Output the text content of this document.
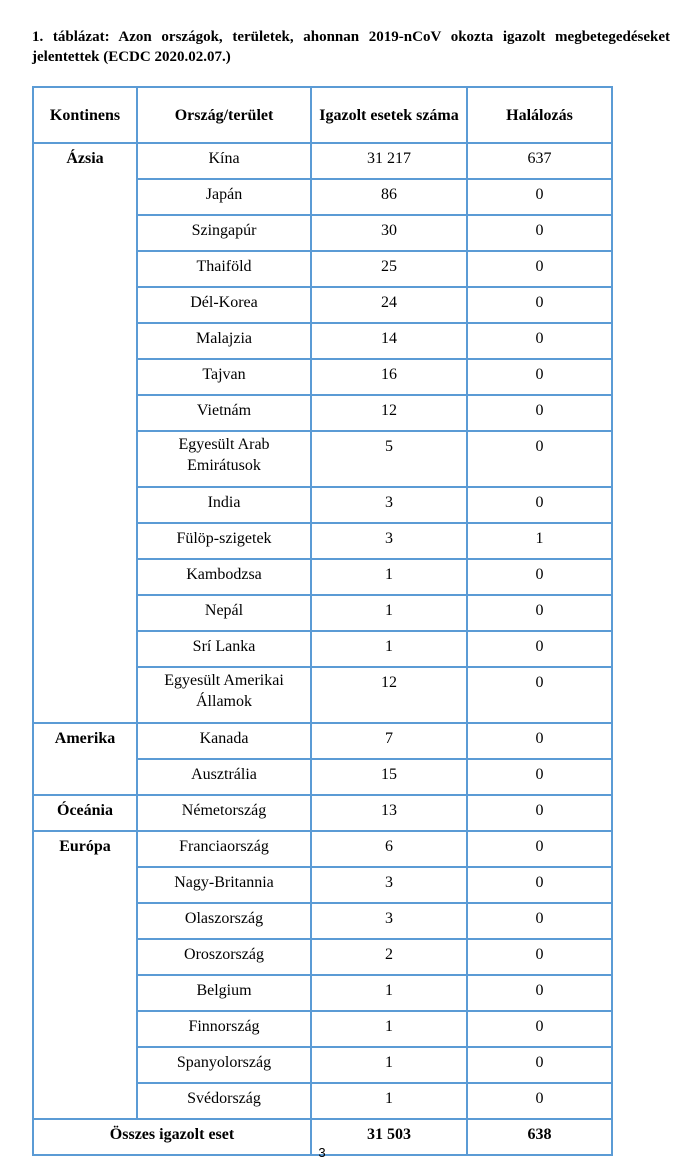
1. táblázat: Azon országok, területek, ahonnan 2019-nCoV okozta igazolt megbetegedéseket jelentettek (ECDC 2020.02.07.)
Kontinens	Ország/terület	Igazolt esetek száma	Halálozás
Ázsia	Kína	31 217	637
	Japán	86	0
	Szingapúr	30	0
	Thaiföld	25	0
	Dél-Korea	24	0
	Malajzia	14	0
	Tajvan	16	0
	Vietnám	12	0
	Egyesült Arab Emirátusok	5	0
	India	3	0
	Fülöp-szigetek	3	1
	Kambodzsa	1	0
	Nepál	1	0
	Srí Lanka	1	0
	Egyesült Amerikai Államok	12	0
Amerika	Kanada	7	0
	Ausztrália	15	0
Óceánia	Németország	13	0
Európa	Franciaország	6	0
	Nagy-Britannia	3	0
	Olaszország	3	0
	Oroszország	2	0
	Belgium	1	0
	Finnország	1	0
	Spanyolország	1	0
	Svédország	1	0
Összes igazolt eset		31 503	638
3
